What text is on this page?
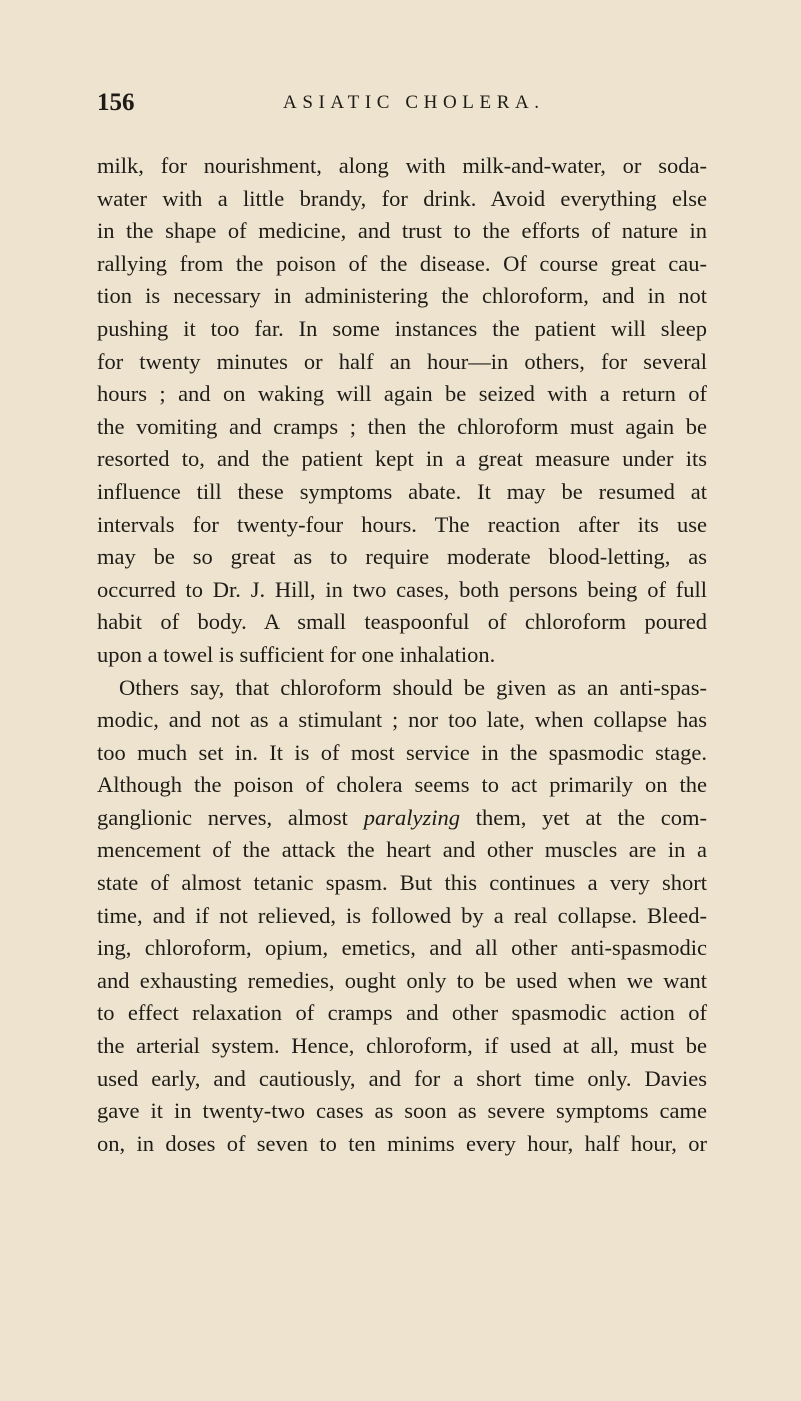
156	ASIATIC CHOLERA.
milk, for nourishment, along with milk-and-water, or soda-
water with a little brandy, for drink. Avoid everything else
in the shape of medicine, and trust to the efforts of nature in
rallying from the poison of the disease. Of course great cau-
tion is necessary in administering the chloroform, and in not
pushing it too far. In some instances the patient will sleep
for twenty minutes or half an hour—in others, for several
hours ; and on waking will again be seized with a return of
the vomiting and cramps ; then the chloroform must again be
resorted to, and the patient kept in a great measure under its
influence till these symptoms abate. It may be resumed at
intervals for twenty-four hours. The reaction after its use
may be so great as to require moderate blood-letting, as
occurred to Dr. J. Hill, in two cases, both persons being of full
habit of body. A small teaspoonful of chloroform poured
upon a towel is sufficient for one inhalation.
Others say, that chloroform should be given as an anti-spas-
modic, and not as a stimulant ; nor too late, when collapse has
too much set in. It is of most service in the spasmodic stage.
Although the poison of cholera seems to act primarily on the
ganglionic nerves, almost paralyzing them, yet at the com-
mencement of the attack the heart and other muscles are in a
state of almost tetanic spasm. But this continues a very short
time, and if not relieved, is followed by a real collapse. Bleed-
ing, chloroform, opium, emetics, and all other anti-spasmodic
and exhausting remedies, ought only to be used when we want
to effect relaxation of cramps and other spasmodic action of
the arterial system. Hence, chloroform, if used at all, must be
used early, and cautiously, and for a short time only. Davies
gave it in twenty-two cases as soon as severe symptoms came
on, in doses of seven to ten minims every hour, half hour, or
